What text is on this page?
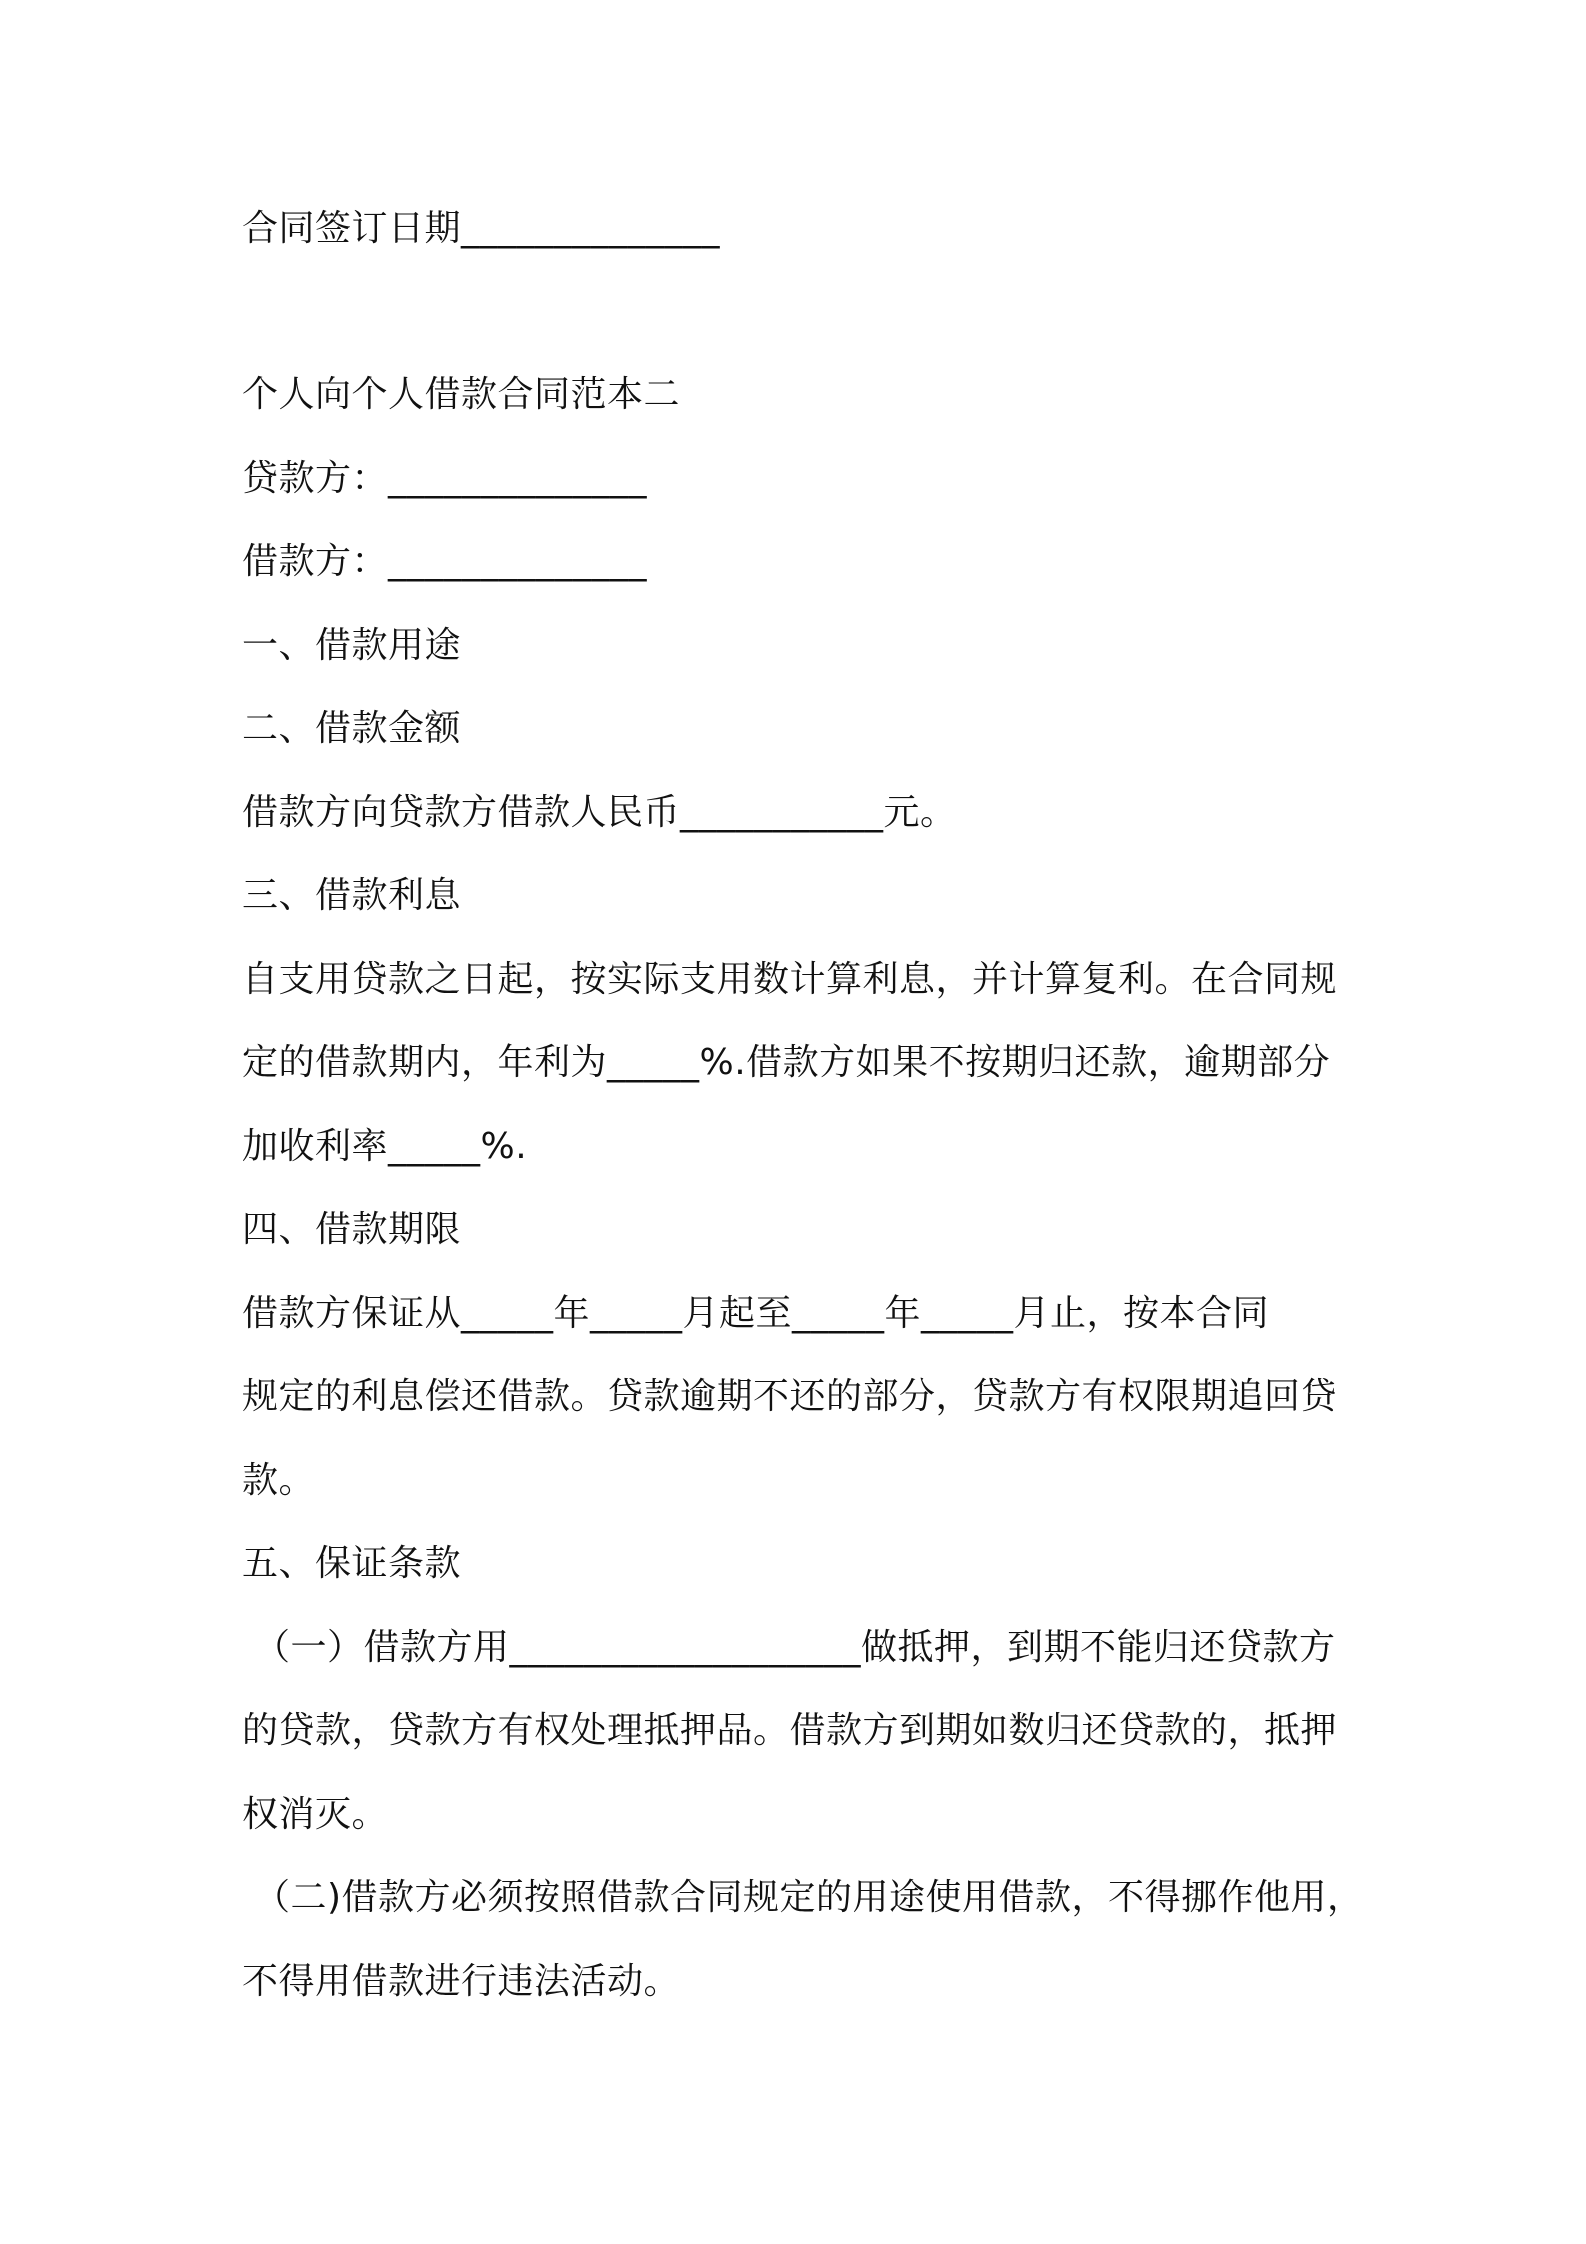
合同签订日期______________
个人向个人借款合同范本二
贷款方：______________
借款方：______________
一、借款用途
二、借款金额
借款方向贷款方借款人民币___________元。
三、借款利息
自支用贷款之日起，按实际支用数计算利息，并计算复利。在合同规
定的借款期内，年利为_____%.借款方如果不按期归还款，逾期部分
加收利率_____%.
四、借款期限
借款方保证从_____年_____月起至_____年_____月止，按本合同
规定的利息偿还借款。贷款逾期不还的部分，贷款方有权限期追回贷
款。
五、保证条款
（一）借款方用___________________做抵押，到期不能归还贷款方
的贷款，贷款方有权处理抵押品。借款方到期如数归还贷款的，抵押
权消灭。
（二)借款方必须按照借款合同规定的用途使用借款，不得挪作他用，
不得用借款进行违法活动。
